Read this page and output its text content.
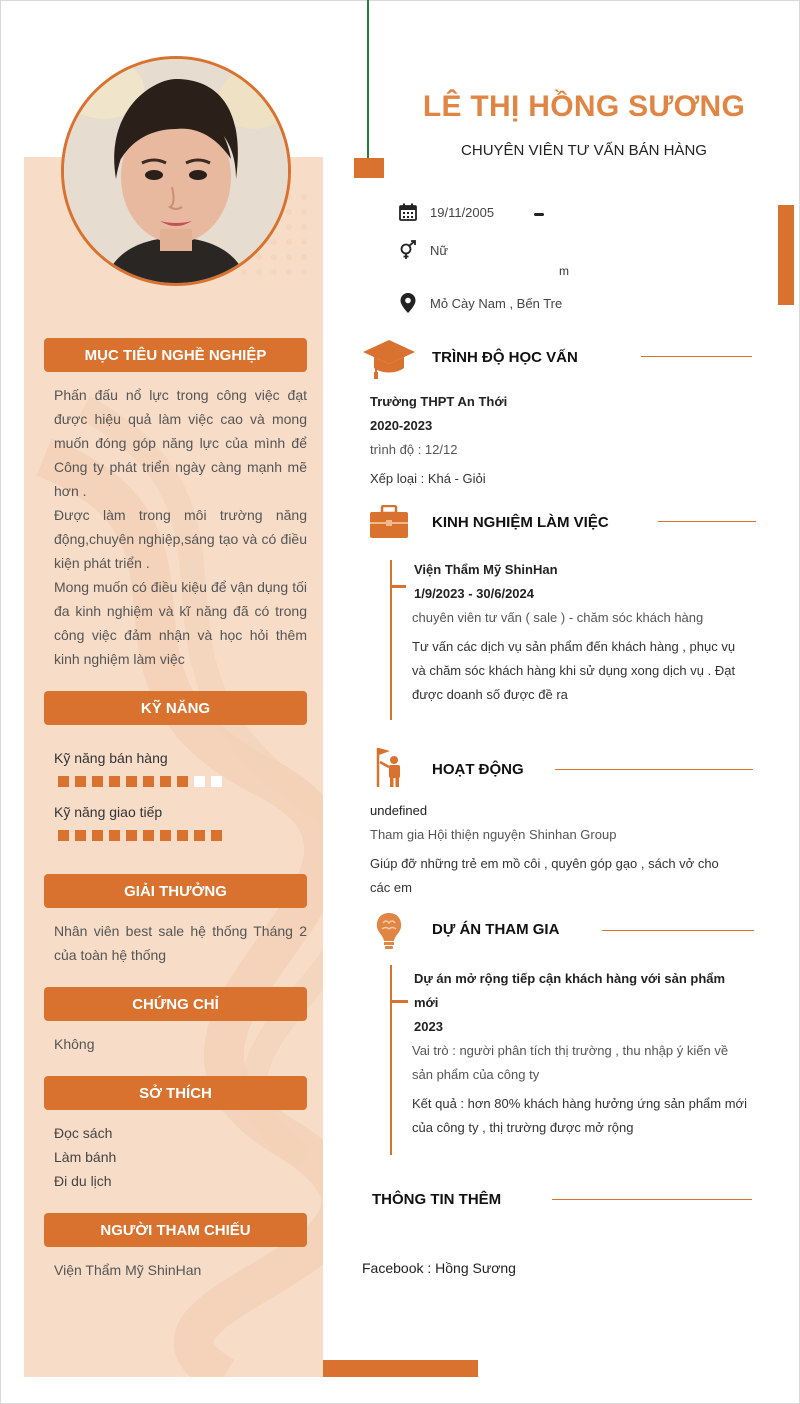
LÊ THỊ HỒNG SƯƠNG
CHUYÊN VIÊN TƯ VẤN BÁN HÀNG
19/11/2005
Nữ
m
Mỏ Cày Nam , Bến Tre
MỤC TIÊU NGHỀ NGHIỆP
Phấn đấu nổ lực trong công việc đạt được hiệu quả làm việc cao và mong muốn đóng góp năng lực của mình để Công ty phát triển ngày càng mạnh mẽ hơn .
Được làm trong môi trường năng động,chuyên nghiệp,sáng tạo và có điều kiện phát triển .
Mong muốn có điều kiệu để vận dụng tối đa kinh nghiệm và kĩ năng đã có trong công việc đảm nhận và học hỏi thêm kinh nghiệm làm việc
KỸ NĂNG
Kỹ năng bán hàng
Kỹ năng giao tiếp
GIẢI THƯỞNG
Nhân viên best sale hệ thống Tháng 2 của toàn hệ thống
CHỨNG CHỈ
Không
SỞ THÍCH
Đọc sách
Làm bánh
Đi du lịch
NGƯỜI THAM CHIẾU
Viện Thẩm Mỹ ShinHan
TRÌNH ĐỘ HỌC VẤN
Trường THPT An Thới
2020-2023
trình độ : 12/12
Xếp loại : Khá - Giỏi
KINH NGHIỆM LÀM VIỆC
Viện Thẩm Mỹ ShinHan
1/9/2023 - 30/6/2024
chuyên viên tư vấn ( sale ) - chăm sóc khách hàng
Tư vấn các dịch vụ sản phẩm đến khách hàng , phục vụ và chăm sóc khách hàng khi sử dụng xong dịch vụ . Đạt được doanh số được đề ra
HOẠT ĐỘNG
undefined
Tham gia Hội thiện nguyện Shinhan Group
Giúp đỡ những trẻ em mồ côi , quyên góp gạo , sách vở cho các em
DỰ ÁN THAM GIA
Dự án mở rộng tiếp cận khách hàng với sản phẩm mới
2023
Vai trò : người phân tích thị trường , thu nhập ý kiến về sản phẩm của công ty
Kết quả : hơn 80% khách hàng hưởng ứng sản phẩm mới của công ty , thị trường được mở rộng
THÔNG TIN THÊM
Facebook : Hồng Sương
